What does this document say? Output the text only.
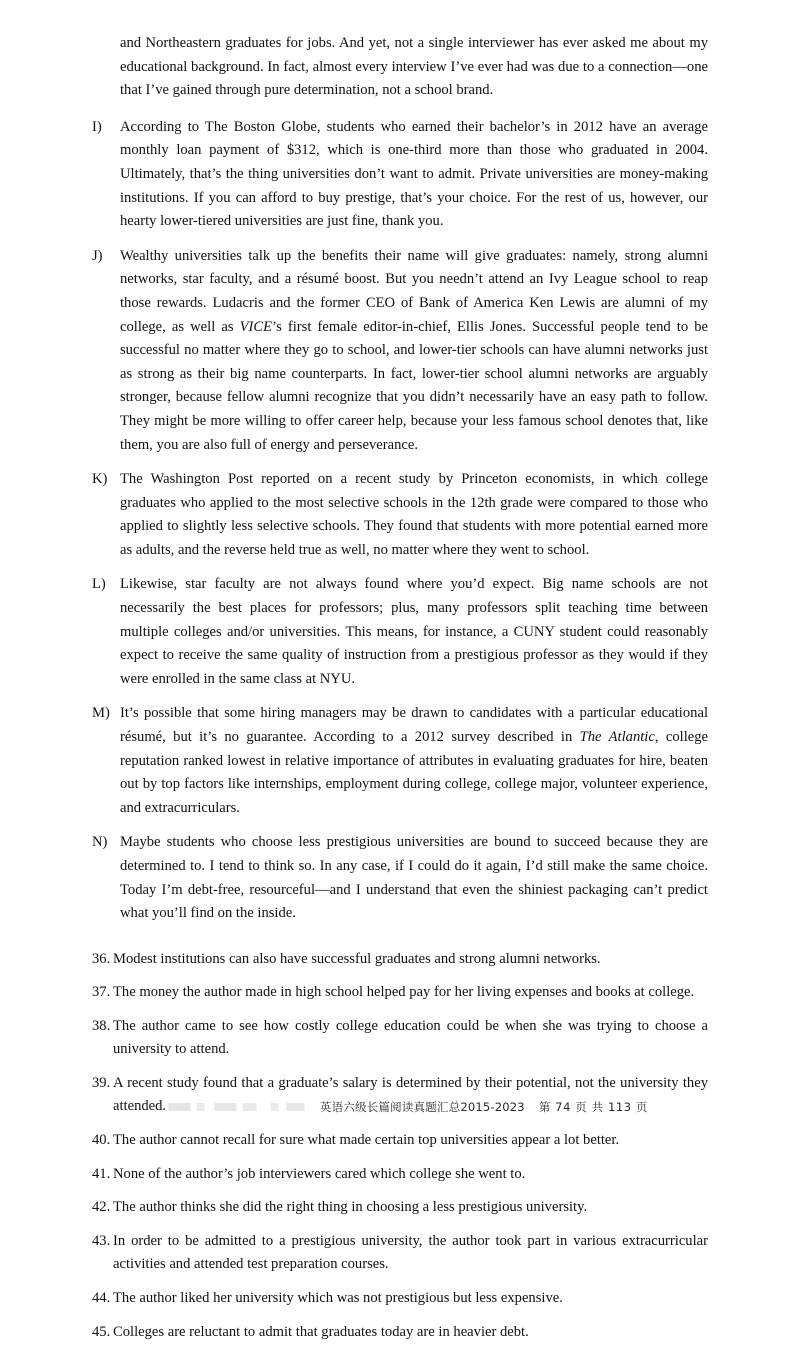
and Northeastern graduates for jobs. And yet, not a single interviewer has ever asked me about my educational background. In fact, almost every interview I’ve ever had was due to a connection—one that I’ve gained through pure determination, not a school brand.

I)	According to The Boston Globe, students who earned their bachelor’s in 2012 have an average monthly loan payment of $312, which is one-third more than those who graduated in 2004. Ultimately, that’s the thing universities don’t want to admit. Private universities are money-making institutions. If you can afford to buy prestige, that’s your choice. For the rest of us, however, our hearty lower-tiered universities are just fine, thank you.

J)	Wealthy universities talk up the benefits their name will give graduates: namely, strong alumni networks, star faculty, and a résumé boost. But you needn’t attend an Ivy League school to reap those rewards. Ludacris and the former CEO of Bank of America Ken Lewis are alumni of my college, as well as VICE’s first female editor-in-chief, Ellis Jones. Successful people tend to be successful no matter where they go to school, and lower-tier schools can have alumni networks just as strong as their big name counterparts. In fact, lower-tier school alumni networks are arguably stronger, because fellow alumni recognize that you didn’t necessarily have an easy path to follow. They might be more willing to offer career help, because your less famous school denotes that, like them, you are also full of energy and perseverance.

K) The Washington Post reported on a recent study by Princeton economists, in which college graduates who applied to the most selective schools in the 12th grade were compared to those who applied to slightly less selective schools. They found that students with more potential earned more as adults, and the reverse held true as well, no matter where they went to school.

L) Likewise, star faculty are not always found where you’d expect. Big name schools are not necessarily the best places for professors; plus, many professors split teaching time between multiple colleges and/or universities. This means, for instance, a CUNY student could reasonably expect to receive the same quality of instruction from a prestigious professor as they would if they were enrolled in the same class at NYU.

M) It’s possible that some hiring managers may be drawn to candidates with a particular educational résumé, but it’s no guarantee. According to a 2012 survey described in The Atlantic, college reputation ranked lowest in relative importance of attributes in evaluating graduates for hire, beaten out by top factors like internships, employment during college, college major, volunteer experience, and extracurriculars.

N) Maybe students who choose less prestigious universities are bound to succeed because they are determined to. I tend to think so. In any case, if I could do it again, I’d still make the same choice. Today I’m debt-free, resourceful—and I understand that even the shiniest packaging can’t predict what you’ll find on the inside.

36. Modest institutions can also have successful graduates and strong alumni networks.

37. The money the author made in high school helped pay for her living expenses and books at college.

38. The author came to see how costly college education could be when she was trying to choose a university to attend.

39. A recent study found that a graduate’s salary is determined by their potential, not the university they attended.

40. The author cannot recall for sure what made certain top universities appear a lot better.

41. None of the author’s job interviewers cared which college she went to.

42. The author thinks she did the right thing in choosing a less prestigious university.

43. In order to be admitted to a prestigious university, the author took part in various extracurricular activities and attended test preparation courses.

44. The author liked her university which was not prestigious but less expensive.

45. Colleges are reluctant to admit that graduates today are in heavier debt.

英语六级长篇阅读真题汇总2015-2023 第 74 页 共 113 页
